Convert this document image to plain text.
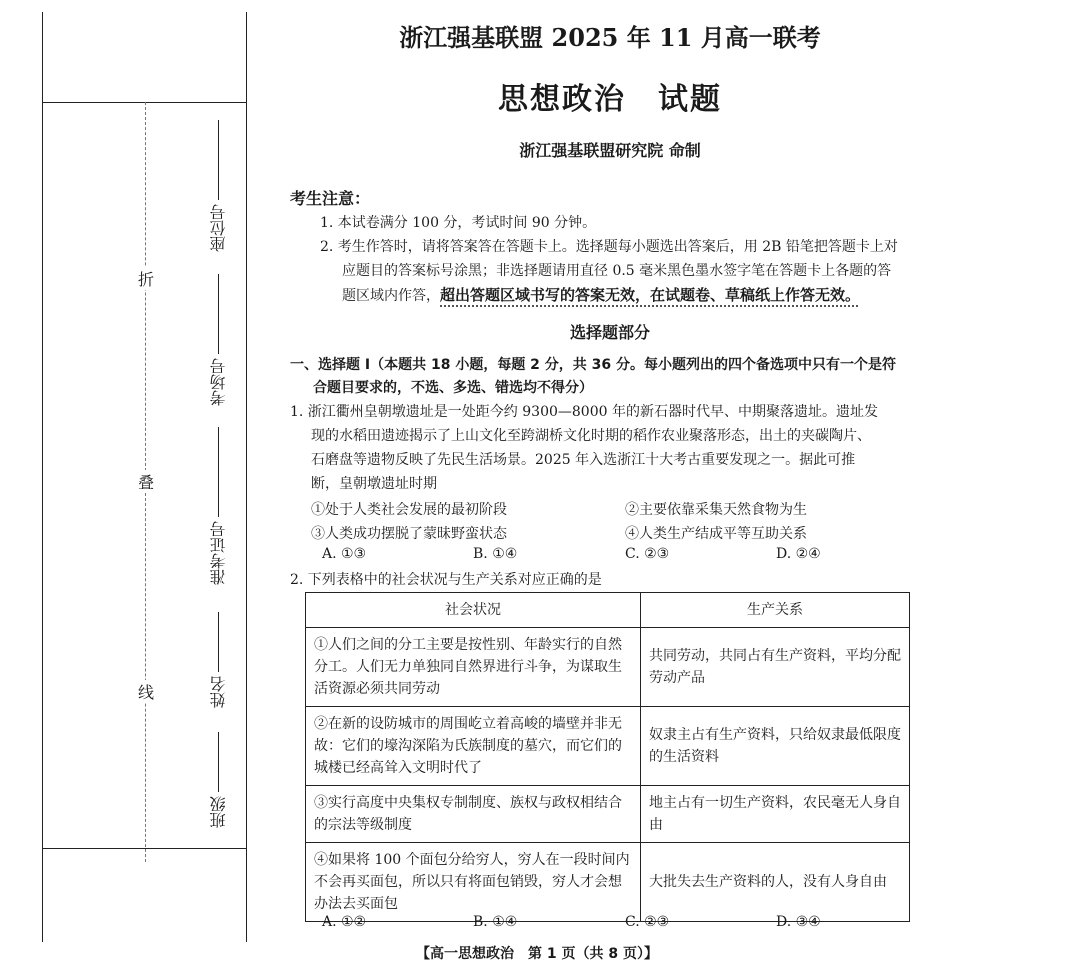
折
叠
线
座位号
考场号
准考证号
姓名
班级
浙江强基联盟 2025 年 11 月高一联考
思想政治　试题
浙江强基联盟研究院 命制
考生注意：
1. 本试卷满分 100 分，考试时间 90 分钟。
2. 考生作答时，请将答案答在答题卡上。选择题每小题选出答案后，用 2B 铅笔把答题卡上对
应题目的答案标号涂黑；非选择题请用直径 0.5 毫米黑色墨水签字笔在答题卡上各题的答
题区域内作答，超出答题区域书写的答案无效，在试题卷、草稿纸上作答无效。
选择题部分
一、选择题 Ⅰ（本题共 18 小题，每题 2 分，共 36 分。每小题列出的四个备选项中只有一个是符
合题目要求的，不选、多选、错选均不得分）
1. 浙江衢州皇朝墩遗址是一处距今约 9300—8000 年的新石器时代早、中期聚落遗址。遗址发
现的水稻田遗迹揭示了上山文化至跨湖桥文化时期的稻作农业聚落形态，出土的夹碳陶片、
石磨盘等遗物反映了先民生活场景。2025 年入选浙江十大考古重要发现之一。据此可推
断，皇朝墩遗址时期
①处于人类社会发展的最初阶段	②主要依靠采集天然食物为生
③人类成功摆脱了蒙昧野蛮状态	④人类生产结成平等互助关系
A. ①③	B. ①④	C. ②③	D. ②④
2. 下列表格中的社会状况与生产关系对应正确的是
社会状况	生产关系
①人们之间的分工主要是按性别、年龄实行的自然分工。人们无力单独同自然界进行斗争，为谋取生活资源必须共同劳动	共同劳动，共同占有生产资料，平均分配劳动产品
②在新的设防城市的周围屹立着高峻的墙壁并非无故：它们的壕沟深陷为氏族制度的墓穴，而它们的城楼已经高耸入文明时代了	奴隶主占有生产资料，只给奴隶最低限度的生活资料
③实行高度中央集权专制制度、族权与政权相结合的宗法等级制度	地主占有一切生产资料，农民毫无人身自由
④如果将 100 个面包分给穷人，穷人在一段时间内不会再买面包，所以只有将面包销毁，穷人才会想办法去买面包	大批失去生产资料的人，没有人身自由
A. ①②	B. ①④	C. ②③	D. ③④
【高一思想政治　第 1 页（共 8 页）】
